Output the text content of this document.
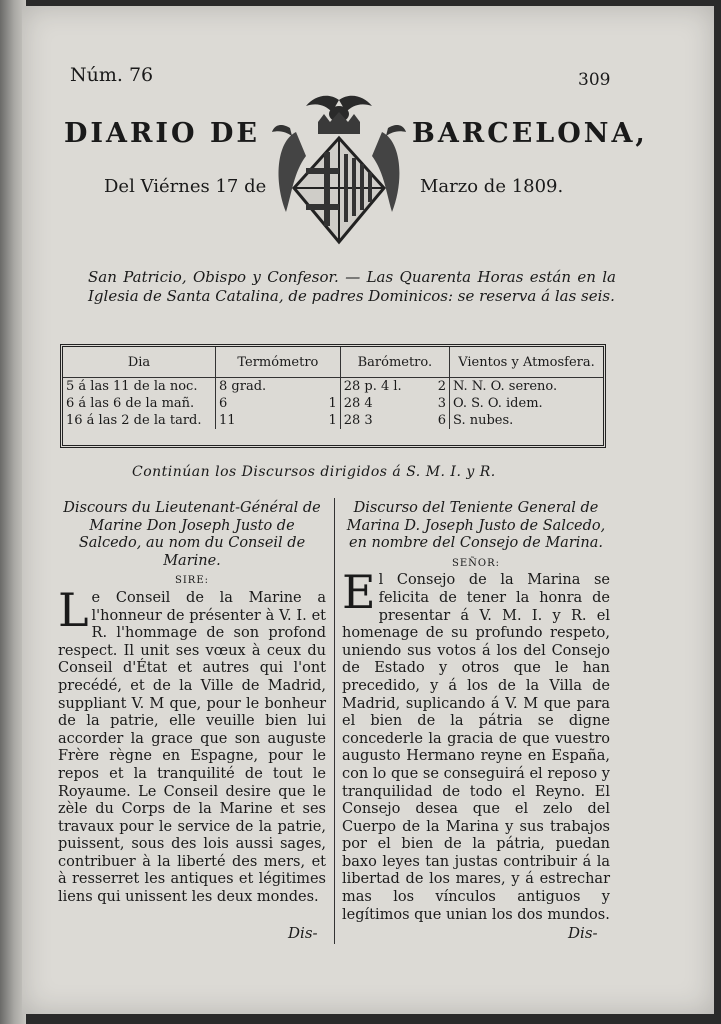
Núm. 76	309
DIARIO DE	BARCELONA,
Del Viérnes 17 de	Marzo de 1809.
San Patricio, Obispo y Confesor. — Las Quarenta Horas están en la Iglesia de Santa Catalina, de padres Dominicos: se reserva á las seis.
Dia	Termómetro		Barómetro.		Vientos y Atmosfera.
5 á las 11 de la noc.	8 grad.		28 p. 4 l.	2	N. N. O. sereno.
6 á las 6 de la mañ.	6	1	28 4	3	O. S. O. idem.
16 á las 2 de la tard.	11	1	28 3	6	S. nubes.
Continúan los Discursos dirigidos á S. M. I. y R.
Discours du Lieutenant-Général de Marine Don Joseph Justo de Salcedo, au nom du Conseil de Marine.
SIRE:
Le Conseil de la Marine a l'honneur de présenter à V. I. et R. l'hommage de son profond respect. Il unit ses vœux à ceux du Conseil d'État et autres qui l'ont precédé, et de la Ville de Madrid, suppliant V. M que, pour le bonheur de la patrie, elle veuille bien lui accorder la grace que son auguste Frère règne en Espagne, pour le repos et la tranquilité de tout le Royaume. Le Conseil desire que le zèle du Corps de la Marine et ses travaux pour le service de la patrie, puissent, sous des lois aussi sages, contribuer à la liberté des mers, et à resserret les antiques et légitimes liens qui unissent les deux mondes.
Discurso del Teniente General de Marina D. Joseph Justo de Salcedo, en nombre del Consejo de Marina.
SEÑOR:
El Consejo de la Marina se felicita de tener la honra de presentar á V. M. I. y R. el homenage de su profundo respeto, uniendo sus votos á los del Consejo de Estado y otros que le han precedido, y á los de la Villa de Madrid, suplicando á V. M que para el bien de la pátria se digne concederle la gracia de que vuestro augusto Hermano reyne en España, con lo que se conseguirá el reposo y tranquilidad de todo el Reyno. El Consejo desea que el zelo del Cuerpo de la Marina y sus trabajos por el bien de la pátria, puedan baxo leyes tan justas contribuir á la libertad de los mares, y á estrechar mas los vínculos antiguos y legítimos que unian los dos mundos.
Dis-	Dis-
